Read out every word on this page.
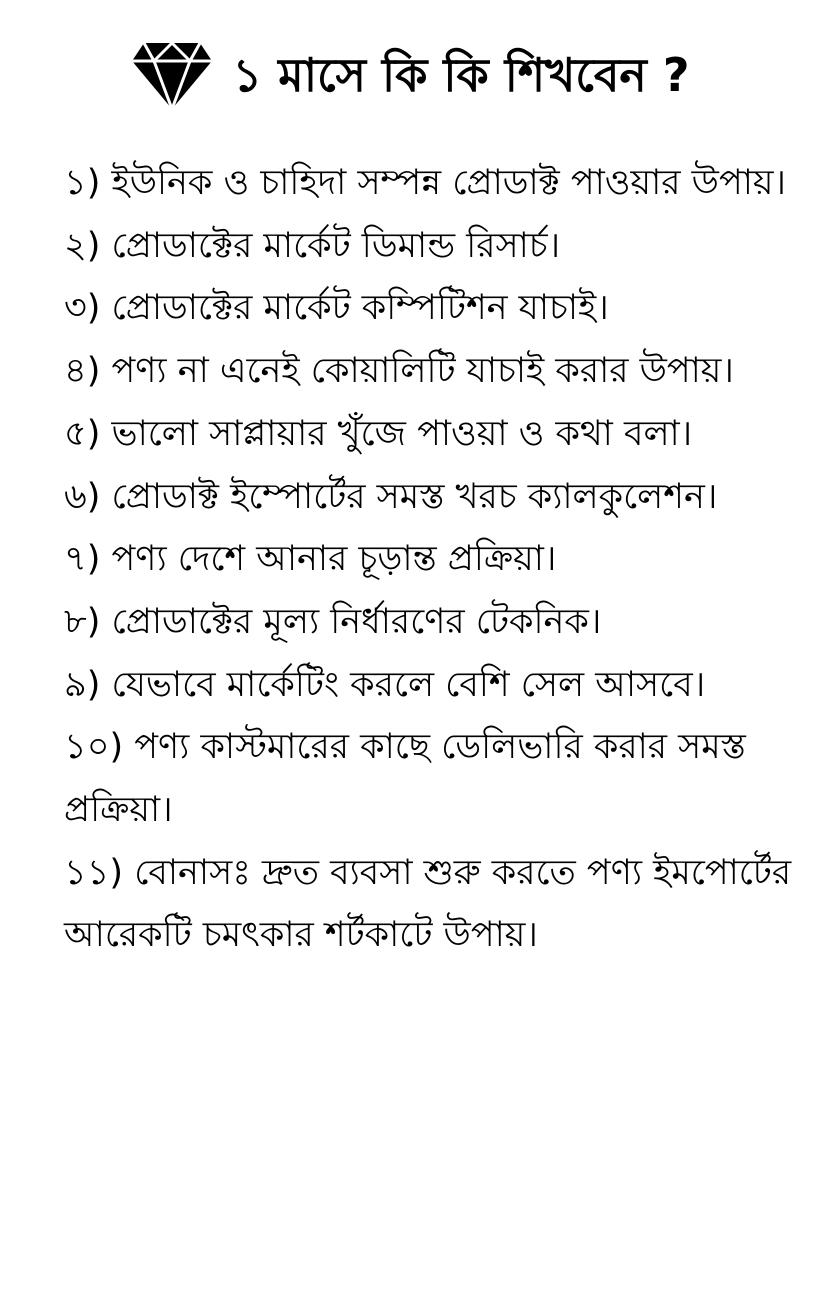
১ মাসে কি কি শিখবেন ?
১) ইউনিক ও চাহিদা সম্পন্ন প্রোডাক্ট পাওয়ার উপায়।
২) প্রোডাক্টের মার্কেট ডিমান্ড রিসার্চ।
৩) প্রোডাক্টের মার্কেট কম্পিটিশন যাচাই।
৪) পণ্য না এনেই কোয়ালিটি যাচাই করার উপায়।
৫) ভালো সাপ্লায়ার খুঁজে পাওয়া ও কথা বলা।
৬) প্রোডাক্ট ইম্পোর্টের সমস্ত খরচ ক্যালকুলেশন।
৭) পণ্য দেশে আনার চূড়ান্ত প্রক্রিয়া।
৮) প্রোডাক্টের মূল্য নির্ধারণের টেকনিক।
৯) যেভাবে মার্কেটিং করলে বেশি সেল আসবে।
১০) পণ্য কাস্টমারের কাছে ডেলিভারি করার সমস্ত প্রক্রিয়া।
১১) বোনাসঃ দ্রুত ব্যবসা শুরু করতে পণ্য ইমপোর্টের আরেকটি চমৎকার শর্টকাটে উপায়।
